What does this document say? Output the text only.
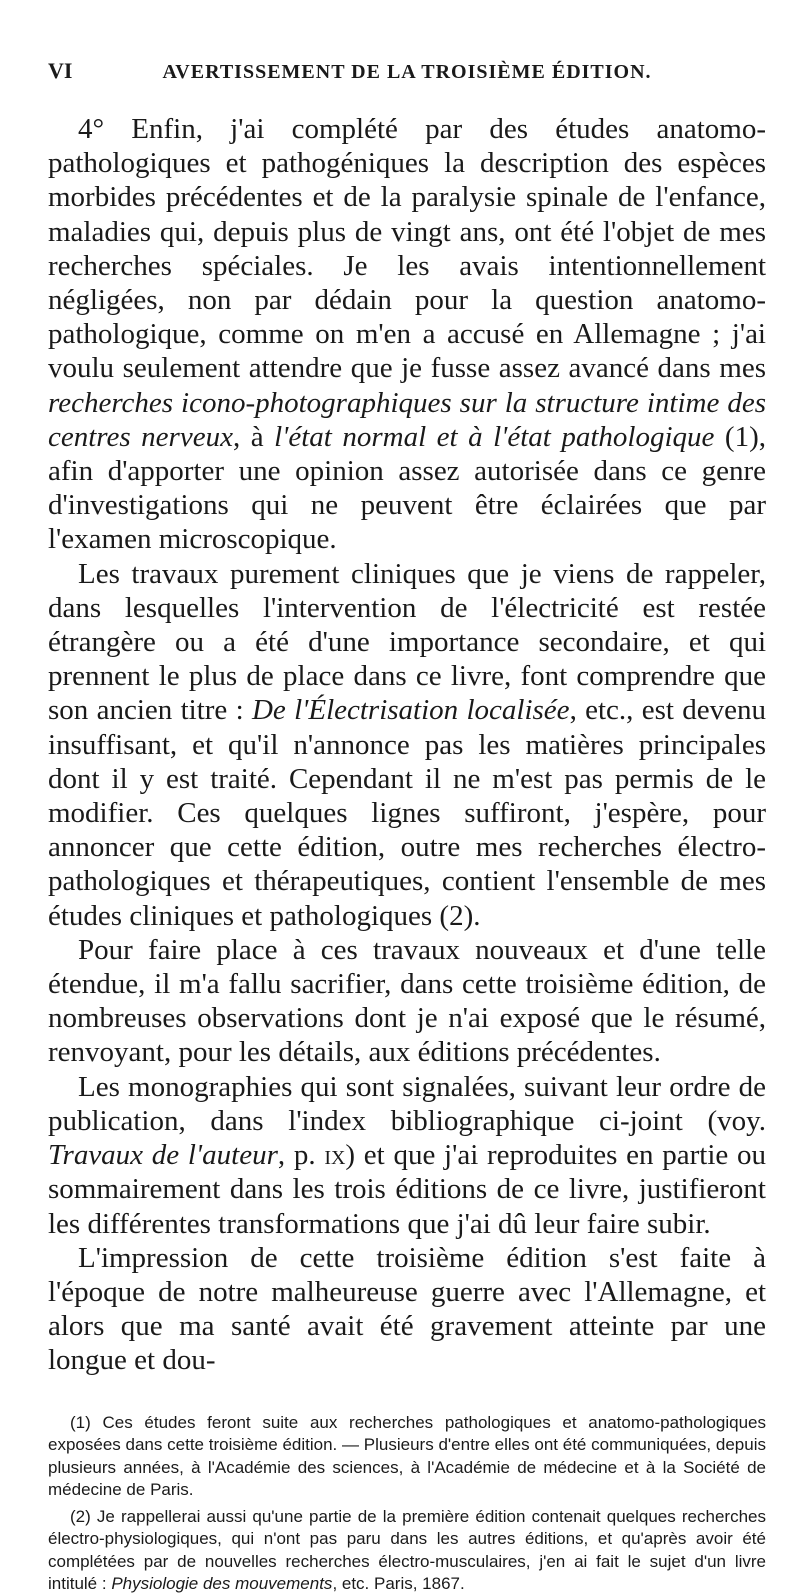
VI	AVERTISSEMENT DE LA TROISIÈME ÉDITION.

4° Enfin, j'ai complété par des études anatomo-pathologiques et pathogéniques la description des espèces morbides précédentes et de la paralysie spinale de l'enfance, maladies qui, depuis plus de vingt ans, ont été l'objet de mes recherches spéciales. Je les avais intentionnellement négligées, non par dédain pour la question anatomo-pathologique, comme on m'en a accusé en Allemagne ; j'ai voulu seulement attendre que je fusse assez avancé dans mes recherches icono-photographiques sur la structure intime des centres nerveux, à l'état normal et à l'état pathologique (1), afin d'apporter une opinion assez autorisée dans ce genre d'investigations qui ne peuvent être éclairées que par l'examen microscopique.

Les travaux purement cliniques que je viens de rappeler, dans lesquelles l'intervention de l'électricité est restée étrangère ou a été d'une importance secondaire, et qui prennent le plus de place dans ce livre, font comprendre que son ancien titre : De l'Électrisation localisée, etc., est devenu insuffisant, et qu'il n'annonce pas les matières principales dont il y est traité. Cependant il ne m'est pas permis de le modifier. Ces quelques lignes suffiront, j'espère, pour annoncer que cette édition, outre mes recherches électro-pathologiques et thérapeutiques, contient l'ensemble de mes études cliniques et pathologiques (2).

Pour faire place à ces travaux nouveaux et d'une telle étendue, il m'a fallu sacrifier, dans cette troisième édition, de nombreuses observations dont je n'ai exposé que le résumé, renvoyant, pour les détails, aux éditions précédentes.

Les monographies qui sont signalées, suivant leur ordre de publication, dans l'index bibliographique ci-joint (voy. Travaux de l'auteur, p. ix) et que j'ai reproduites en partie ou sommairement dans les trois éditions de ce livre, justifieront les différentes transformations que j'ai dû leur faire subir.

L'impression de cette troisième édition s'est faite à l'époque de notre malheureuse guerre avec l'Allemagne, et alors que ma santé avait été gravement atteinte par une longue et dou-

(1) Ces études feront suite aux recherches pathologiques et anatomo-pathologiques exposées dans cette troisième édition. — Plusieurs d'entre elles ont été communiquées, depuis plusieurs années, à l'Académie des sciences, à l'Académie de médecine et à la Société de médecine de Paris.

(2) Je rappellerai aussi qu'une partie de la première édition contenait quelques recherches électro-physiologiques, qui n'ont pas paru dans les autres éditions, et qu'après avoir été complétées par de nouvelles recherches électro-musculaires, j'en ai fait le sujet d'un livre intitulé : Physiologie des mouvements, etc. Paris, 1867.
